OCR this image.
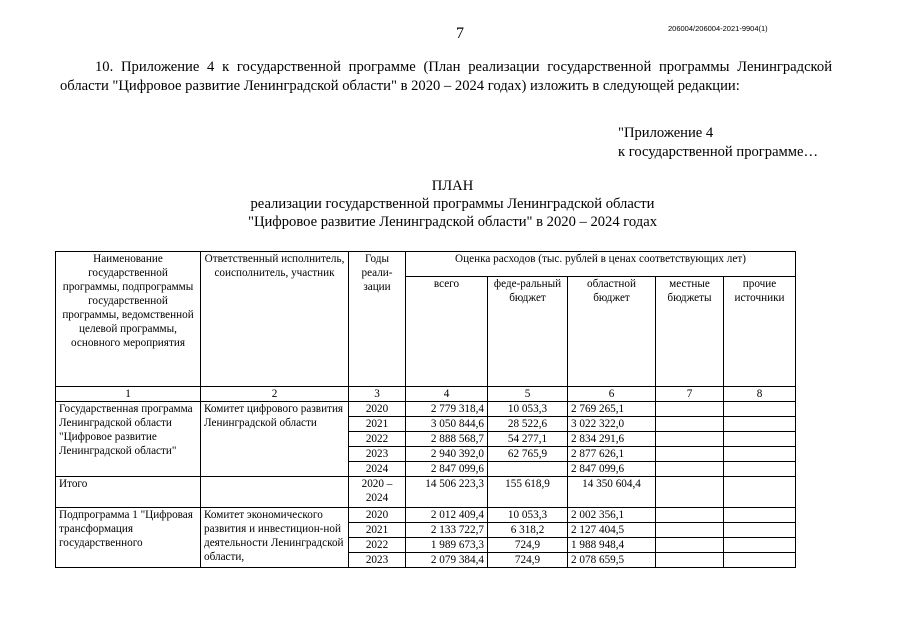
7	206004/206004-2021-9904(1)
10. Приложение 4 к государственной программе (План реализации государственной программы Ленинградской области "Цифровое развитие Ленинградской области" в 2020 – 2024 годах) изложить в следующей редакции:
"Приложение 4
к государственной программе…
ПЛАН
реализации государственной программы Ленинградской области
"Цифровое развитие Ленинградской области" в 2020 – 2024 годах
Наименование государственной программы, подпрограммы государственной программы, ведомственной целевой программы, основного мероприятия	Ответственный исполнитель, соисполнитель, участник	Годы реали-зации	Оценка расходов (тыс. рублей в ценах соответствующих лет)				
			всего	феде-ральный бюджет	областной бюджет	местные бюджеты	прочие источники
1	2	3	4	5	6	7	8
Государственная программа Ленинградской области "Цифровое развитие Ленинградской области"	Комитет цифрового развития Ленинградской области	2020	2 779 318,4	10 053,3	2 769 265,1		
		2021	3 050 844,6	28 522,6	3 022 322,0		
		2022	2 888 568,7	54 277,1	2 834 291,6		
		2023	2 940 392,0	62 765,9	2 877 626,1		
		2024	2 847 099,6		2 847 099,6		
Итого		2020 – 2024	14 506 223,3	155 618,9	14 350 604,4		
Подпрограмма 1 "Цифровая трансформация государственного	Комитет экономического развития и инвестицион-ной деятельности Ленинградской области,	2020	2 012 409,4	10 053,3	2 002 356,1		
		2021	2 133 722,7	6 318,2	2 127 404,5		
		2022	1 989 673,3	724,9	1 988 948,4		
		2023	2 079 384,4	724,9	2 078 659,5		
